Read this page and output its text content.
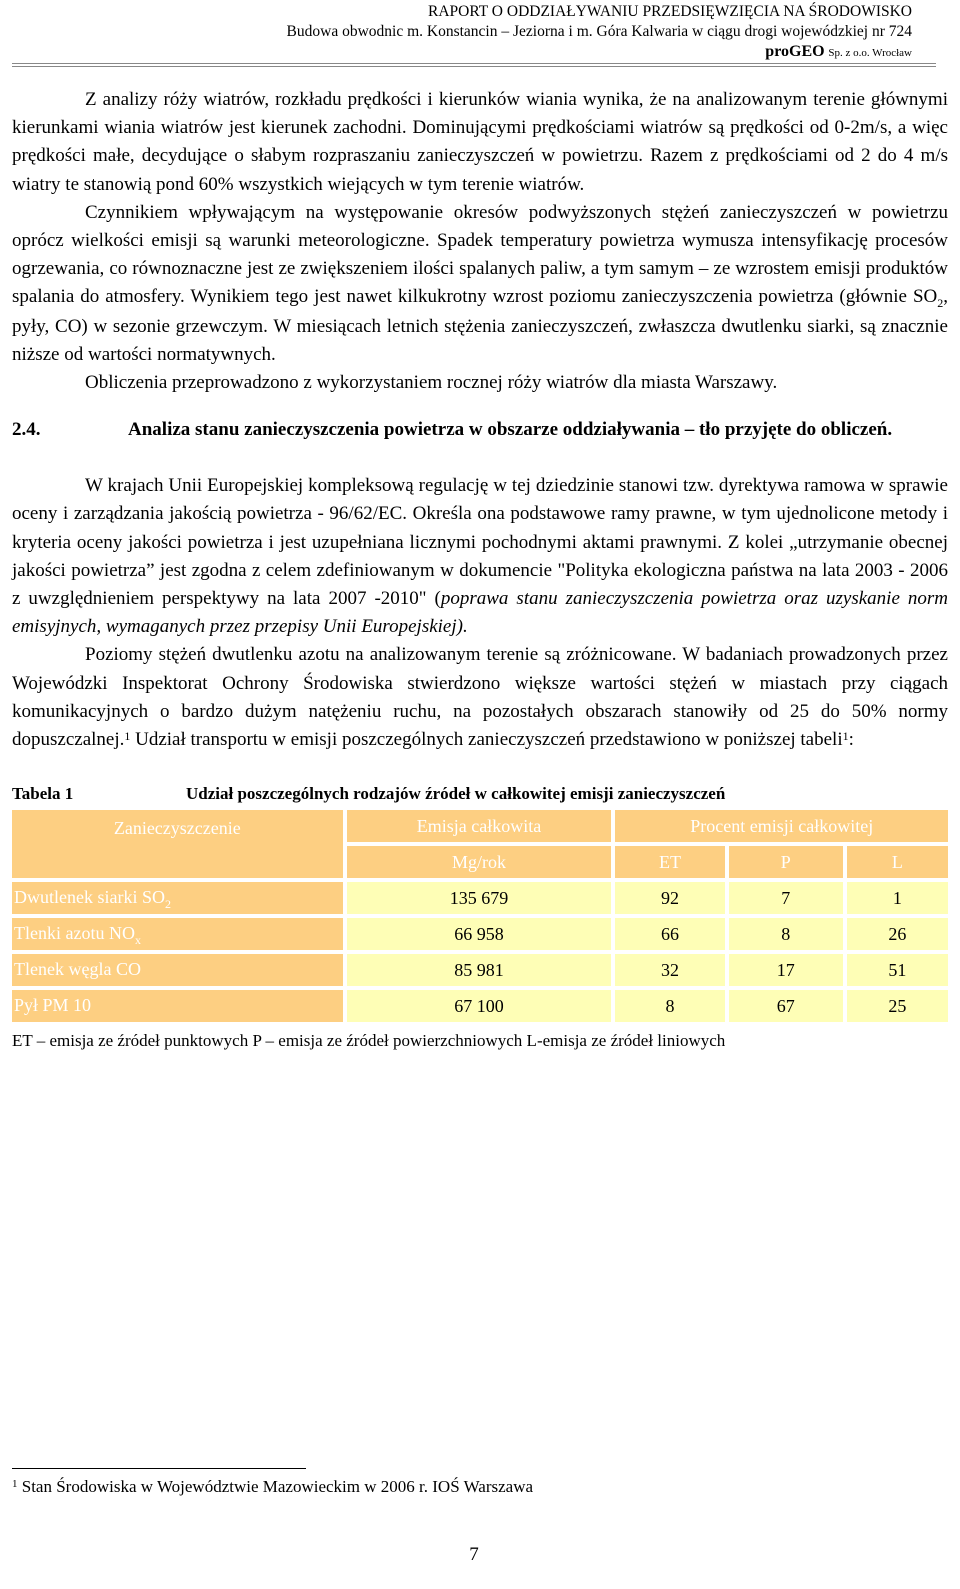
RAPORT O ODDZIAŁYWANIU PRZEDSIĘWZIĘCIA NA ŚRODOWISKO
Budowa obwodnic m. Konstancin – Jeziorna i m. Góra Kalwaria w ciągu drogi wojewódzkiej nr 724
proGEO Sp. z o.o. Wrocław

Z analizy róży wiatrów, rozkładu prędkości i kierunków wiania wynika, że na analizowanym terenie głównymi kierunkami wiania wiatrów jest kierunek zachodni. Dominującymi prędkościami wiatrów są prędkości od 0-2m/s, a więc prędkości małe, decydujące o słabym rozpraszaniu zanieczyszczeń w powietrzu. Razem z prędkościami od 2 do 4 m/s wiatry te stanowią pond 60% wszystkich wiejących w tym terenie wiatrów.

Czynnikiem wpływającym na występowanie okresów podwyższonych stężeń zanieczyszczeń w powietrzu oprócz wielkości emisji są warunki meteorologiczne. Spadek temperatury powietrza wymusza intensyfikację procesów ogrzewania, co równoznaczne jest ze zwiększeniem ilości spalanych paliw, a tym samym – ze wzrostem emisji produktów spalania do atmosfery. Wynikiem tego jest nawet kilkukrotny wzrost poziomu zanieczyszczenia powietrza (głównie $SO_2$, pyły, CO) w sezonie grzewczym. W miesiącach letnich stężenia zanieczyszczeń, zwłaszcza dwutlenku siarki, są znacznie niższe od wartości normatywnych.

Obliczenia przeprowadzono z wykorzystaniem rocznej róży wiatrów dla miasta Warszawy.

2.4.	Analiza stanu zanieczyszczenia powietrza w obszarze oddziaływania – tło przyjęte do obliczeń.

W krajach Unii Europejskiej kompleksową regulację w tej dziedzinie stanowi tzw. dyrektywa ramowa w sprawie oceny i zarządzania jakością powietrza - 96/62/EC. Określa ona podstawowe ramy prawne, w tym ujednolicone metody i kryteria oceny jakości powietrza i jest uzupełniana licznymi pochodnymi aktami prawnymi. Z kolei „utrzymanie obecnej jakości powietrza” jest zgodna z celem zdefiniowanym w dokumencie "Polityka ekologiczna państwa na lata 2003 - 2006 z uwzględnieniem perspektywy na lata 2007 -2010" (poprawa stanu zanieczyszczenia powietrza oraz uzyskanie norm emisyjnych, wymaganych przez przepisy Unii Europejskiej).

Poziomy stężeń dwutlenku azotu na analizowanym terenie są zróżnicowane. W badaniach prowadzonych przez Wojewódzki Inspektorat Ochrony Środowiska stwierdzono większe wartości stężeń w miastach przy ciągach komunikacyjnych o bardzo dużym natężeniu ruchu, na pozostałych obszarach stanowiły od 25 do 50% normy dopuszczalnej.$^1$ Udział transportu w emisji poszczególnych zanieczyszczeń przedstawiono w poniższej tabeli$^1$:

Tabela 1	Udział poszczególnych rodzajów źródeł w całkowitej emisji zanieczyszczeń
Zanieczyszczenie	Emisja całkowita	Procent emisji całkowitej		
	Mg/rok	ET	P	L
Dwutlenek siarki $SO_2$	135 679	92	7	1
Tlenki azotu $NO_x$	66 958	66	8	26
Tlenek węgla CO	85 981	32	17	51
Pył PM 10	67 100	8	67	25
ET – emisja ze źródeł punktowych P – emisja ze źródeł powierzchniowych L-emisja ze źródeł liniowych
$^1$ Stan Środowiska w Województwie Mazowieckim w 2006 r. IOŚ Warszawa
7
